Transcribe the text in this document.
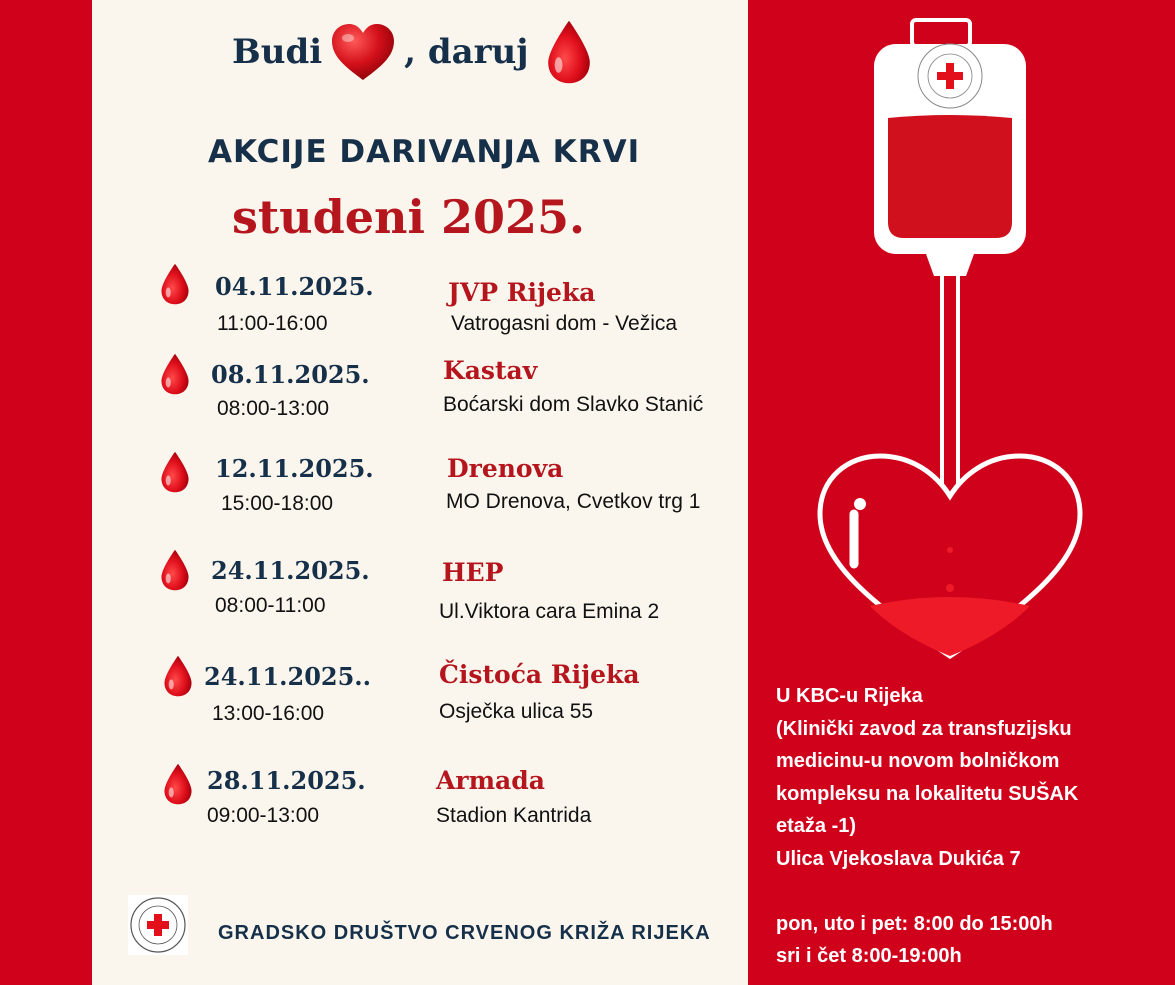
Budi , daruj
AKCIJE DARIVANJA KRVI
studeni 2025.
04.11.2025.
11:00-16:00
JVP Rijeka
Vatrogasni dom - Vežica
08.11.2025.
08:00-13:00
Kastav
Boćarski dom Slavko Stanić
12.11.2025.
15:00-18:00
Drenova
MO Drenova, Cvetkov trg 1
24.11.2025.
08:00-11:00
HEP
Ul.Viktora cara Emina 2
24.11.2025..
13:00-16:00
Čistoća Rijeka
Osječka ulica 55
28.11.2025.
09:00-13:00
Armada
Stadion Kantrida
GRADSKO DRUŠTVO CRVENOG KRIŽA RIJEKA
U KBC-u Rijeka
(Klinički zavod za transfuzijsku
medicinu-u novom bolničkom
kompleksu na lokalitetu SUŠAK
etaža -1)
Ulica Vjekoslava Dukića 7
pon, uto i pet: 8:00 do 15:00h
sri i čet 8:00-19:00h
